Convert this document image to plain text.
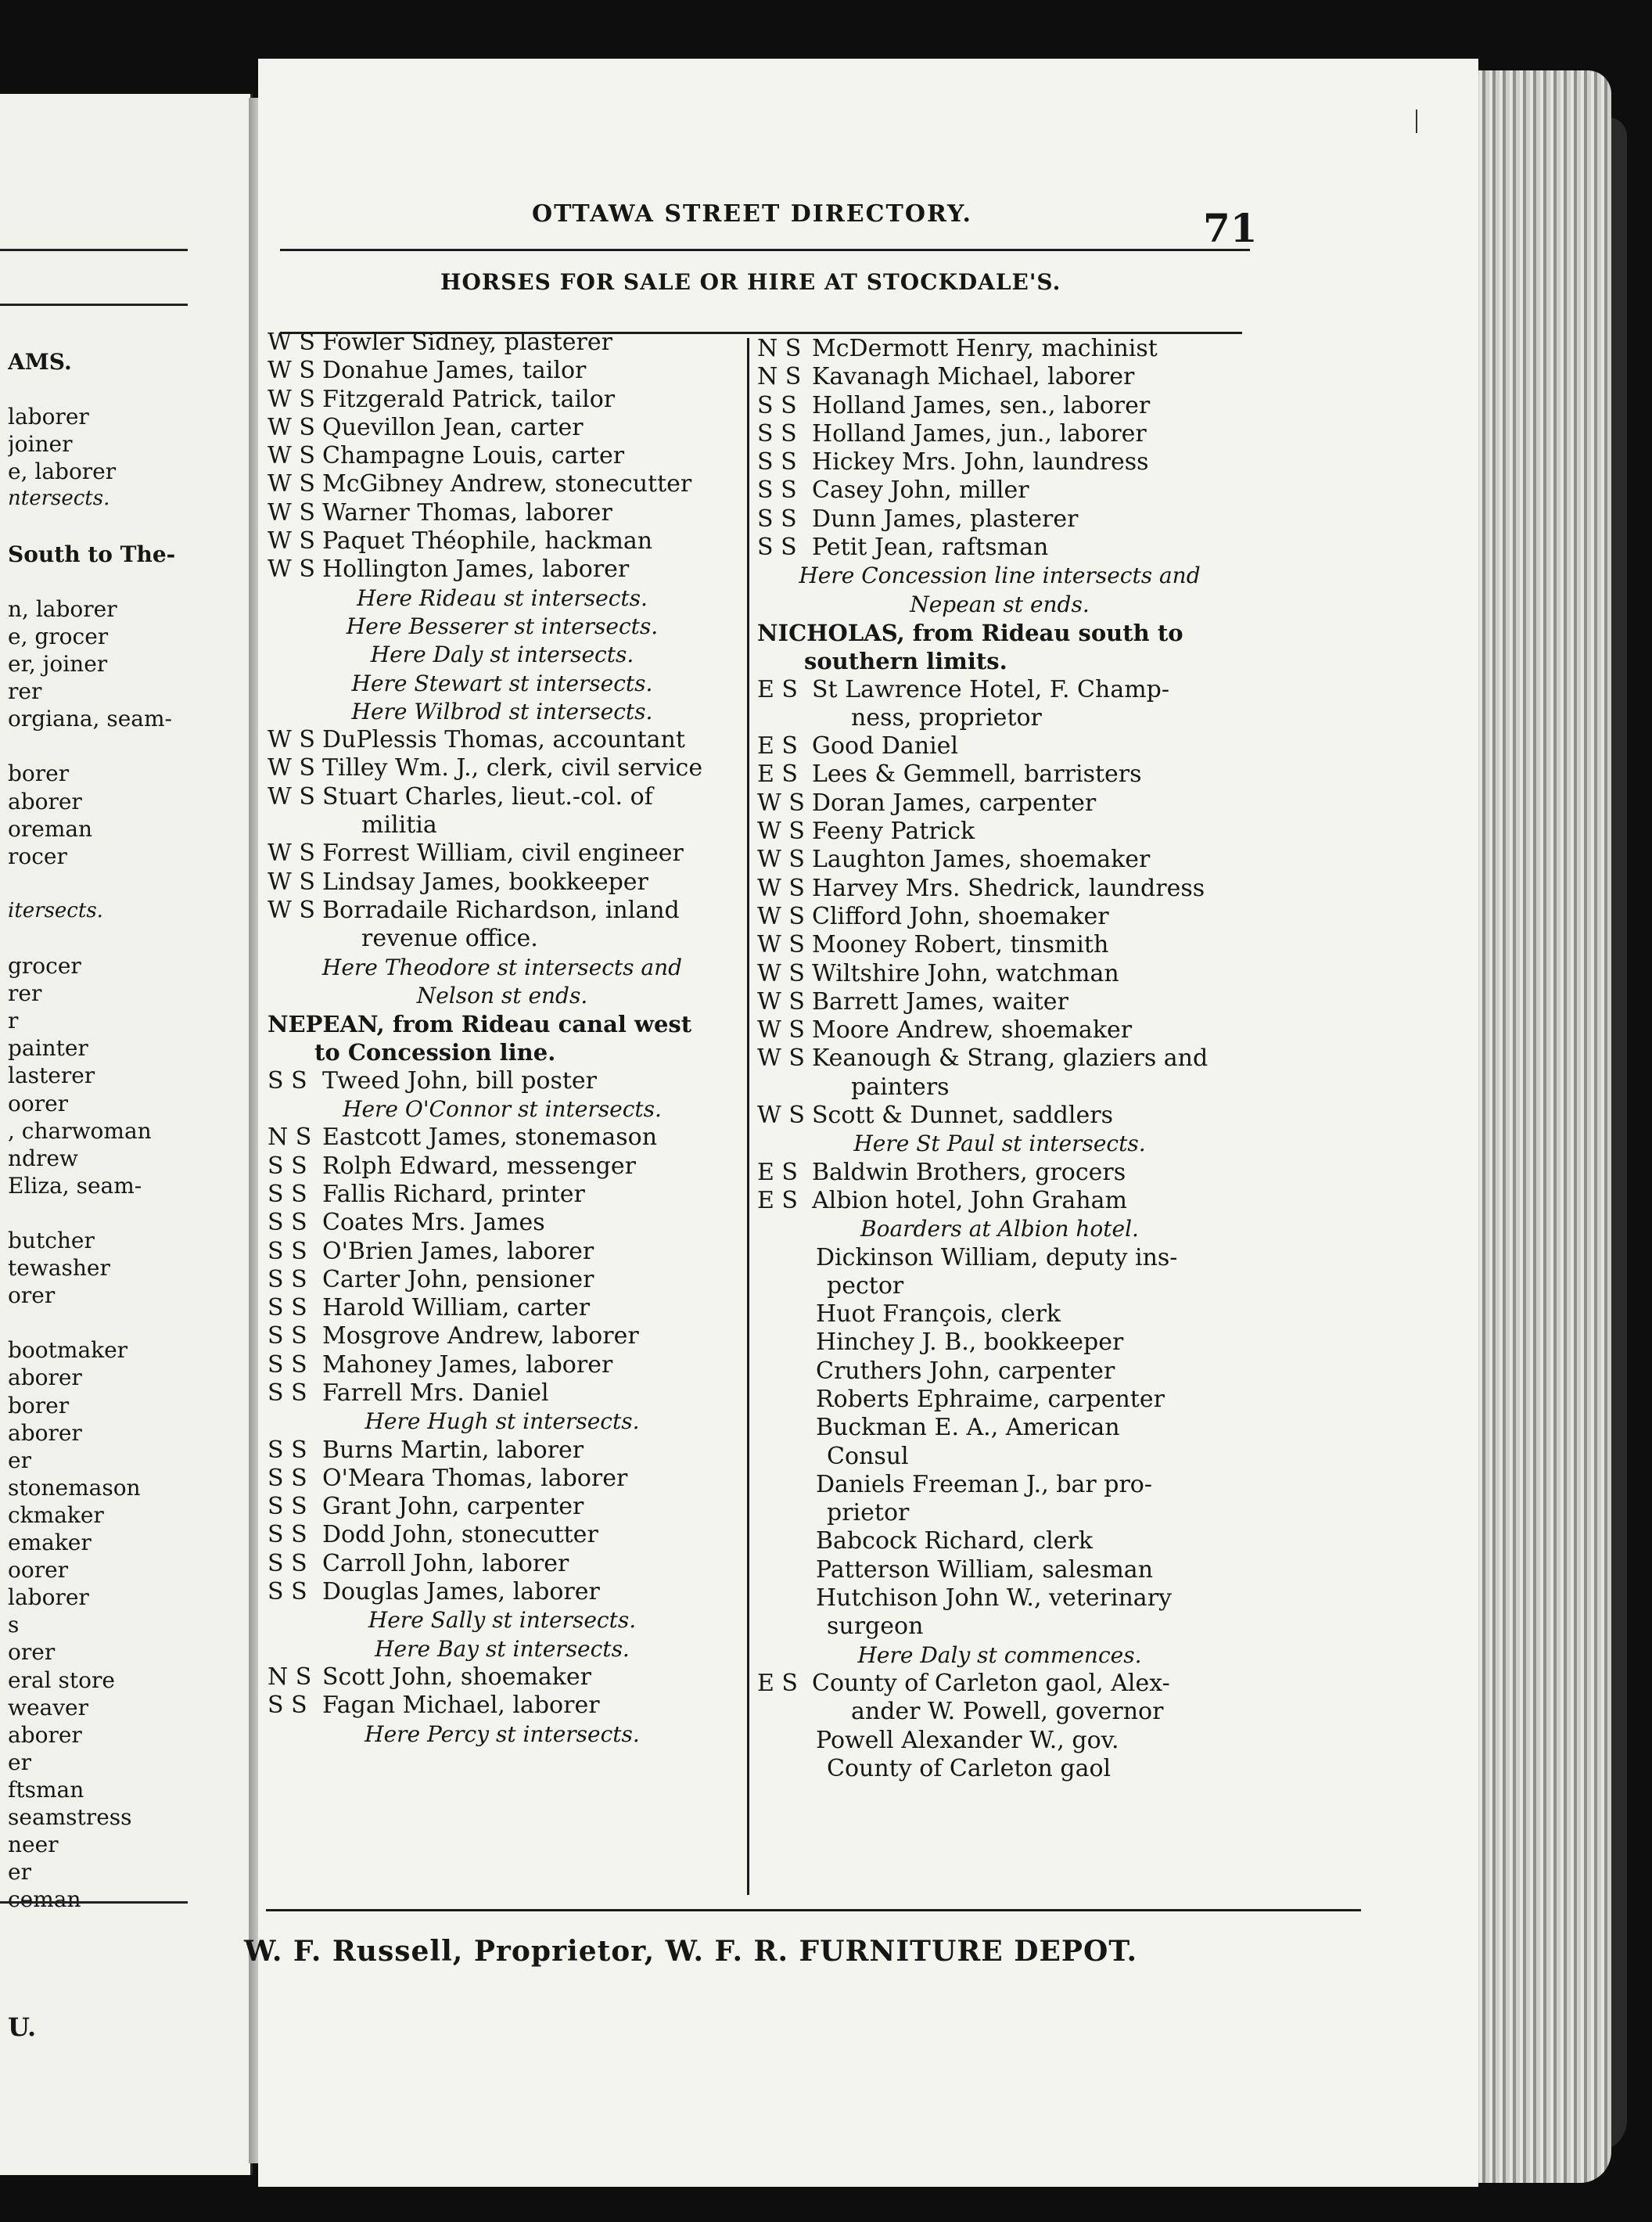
AMS.
laborer
joiner
e, laborer
ntersects.
South to The-
n, laborer
e, grocer
er, joiner
rer
orgiana, seam-
borer
aborer
oreman
rocer
itersects.
grocer
rer
r
painter
lasterer
oorer
, charwoman
ndrew
Eliza, seam-
butcher
tewasher
orer
bootmaker
aborer
borer
aborer
er
stonemason
ckmaker
emaker
oorer
laborer
s
orer
eral store
weaver
aborer
er
ftsman
seamstress
neer
er
ceman
U.
OTTAWA STREET DIRECTORY.	71
HORSES FOR SALE OR HIRE AT STOCKDALE'S.
W S Fowler Sidney, plasterer
W S Donahue James, tailor
W S Fitzgerald Patrick, tailor
W S Quevillon Jean, carter
W S Champagne Louis, carter
W S McGibney Andrew, stonecutter
W S Warner Thomas, laborer
W S Paquet Théophile, hackman
W S Hollington James, laborer
Here Rideau st intersects.
Here Besserer st intersects.
Here Daly st intersects.
Here Stewart st intersects.
Here Wilbrod st intersects.
W S DuPlessis Thomas, accountant
W S Tilley Wm. J., clerk, civil service
W S Stuart Charles, lieut.-col. of
militia
W S Forrest William, civil engineer
W S Lindsay James, bookkeeper
W S Borradaile Richardson, inland
revenue office.
Here Theodore st intersects and
Nelson st ends.
NEPEAN, from Rideau canal west
to Concession line.
S S Tweed John, bill poster
Here O'Connor st intersects.
N S Eastcott James, stonemason
S S Rolph Edward, messenger
S S Fallis Richard, printer
S S Coates Mrs. James
S S O'Brien James, laborer
S S Carter John, pensioner
S S Harold William, carter
S S Mosgrove Andrew, laborer
S S Mahoney James, laborer
S S Farrell Mrs. Daniel
Here Hugh st intersects.
S S Burns Martin, laborer
S S O'Meara Thomas, laborer
S S Grant John, carpenter
S S Dodd John, stonecutter
S S Carroll John, laborer
S S Douglas James, laborer
Here Sally st intersects.
Here Bay st intersects.
N S Scott John, shoemaker
S S Fagan Michael, laborer
Here Percy st intersects.
N S McDermott Henry, machinist
N S Kavanagh Michael, laborer
S S Holland James, sen., laborer
S S Holland James, jun., laborer
S S Hickey Mrs. John, laundress
S S Casey John, miller
S S Dunn James, plasterer
S S Petit Jean, raftsman
Here Concession line intersects and
Nepean st ends.
NICHOLAS, from Rideau south to
southern limits.
E S St Lawrence Hotel, F. Champ-
ness, proprietor
E S Good Daniel
E S Lees & Gemmell, barristers
W S Doran James, carpenter
W S Feeny Patrick
W S Laughton James, shoemaker
W S Harvey Mrs. Shedrick, laundress
W S Clifford John, shoemaker
W S Mooney Robert, tinsmith
W S Wiltshire John, watchman
W S Barrett James, waiter
W S Moore Andrew, shoemaker
W S Keanough & Strang, glaziers and
painters
W S Scott & Dunnet, saddlers
Here St Paul st intersects.
E S Baldwin Brothers, grocers
E S Albion hotel, John Graham
Boarders at Albion hotel.
Dickinson William, deputy ins-
pector
Huot François, clerk
Hinchey J. B., bookkeeper
Cruthers John, carpenter
Roberts Ephraime, carpenter
Buckman E. A., American
Consul
Daniels Freeman J., bar pro-
prietor
Babcock Richard, clerk
Patterson William, salesman
Hutchison John W., veterinary
surgeon
Here Daly st commences.
E S County of Carleton gaol, Alex-
ander W. Powell, governor
Powell Alexander W., gov.
County of Carleton gaol
W. F. Russell, Proprietor, W. F. R. FURNITURE DEPOT.
